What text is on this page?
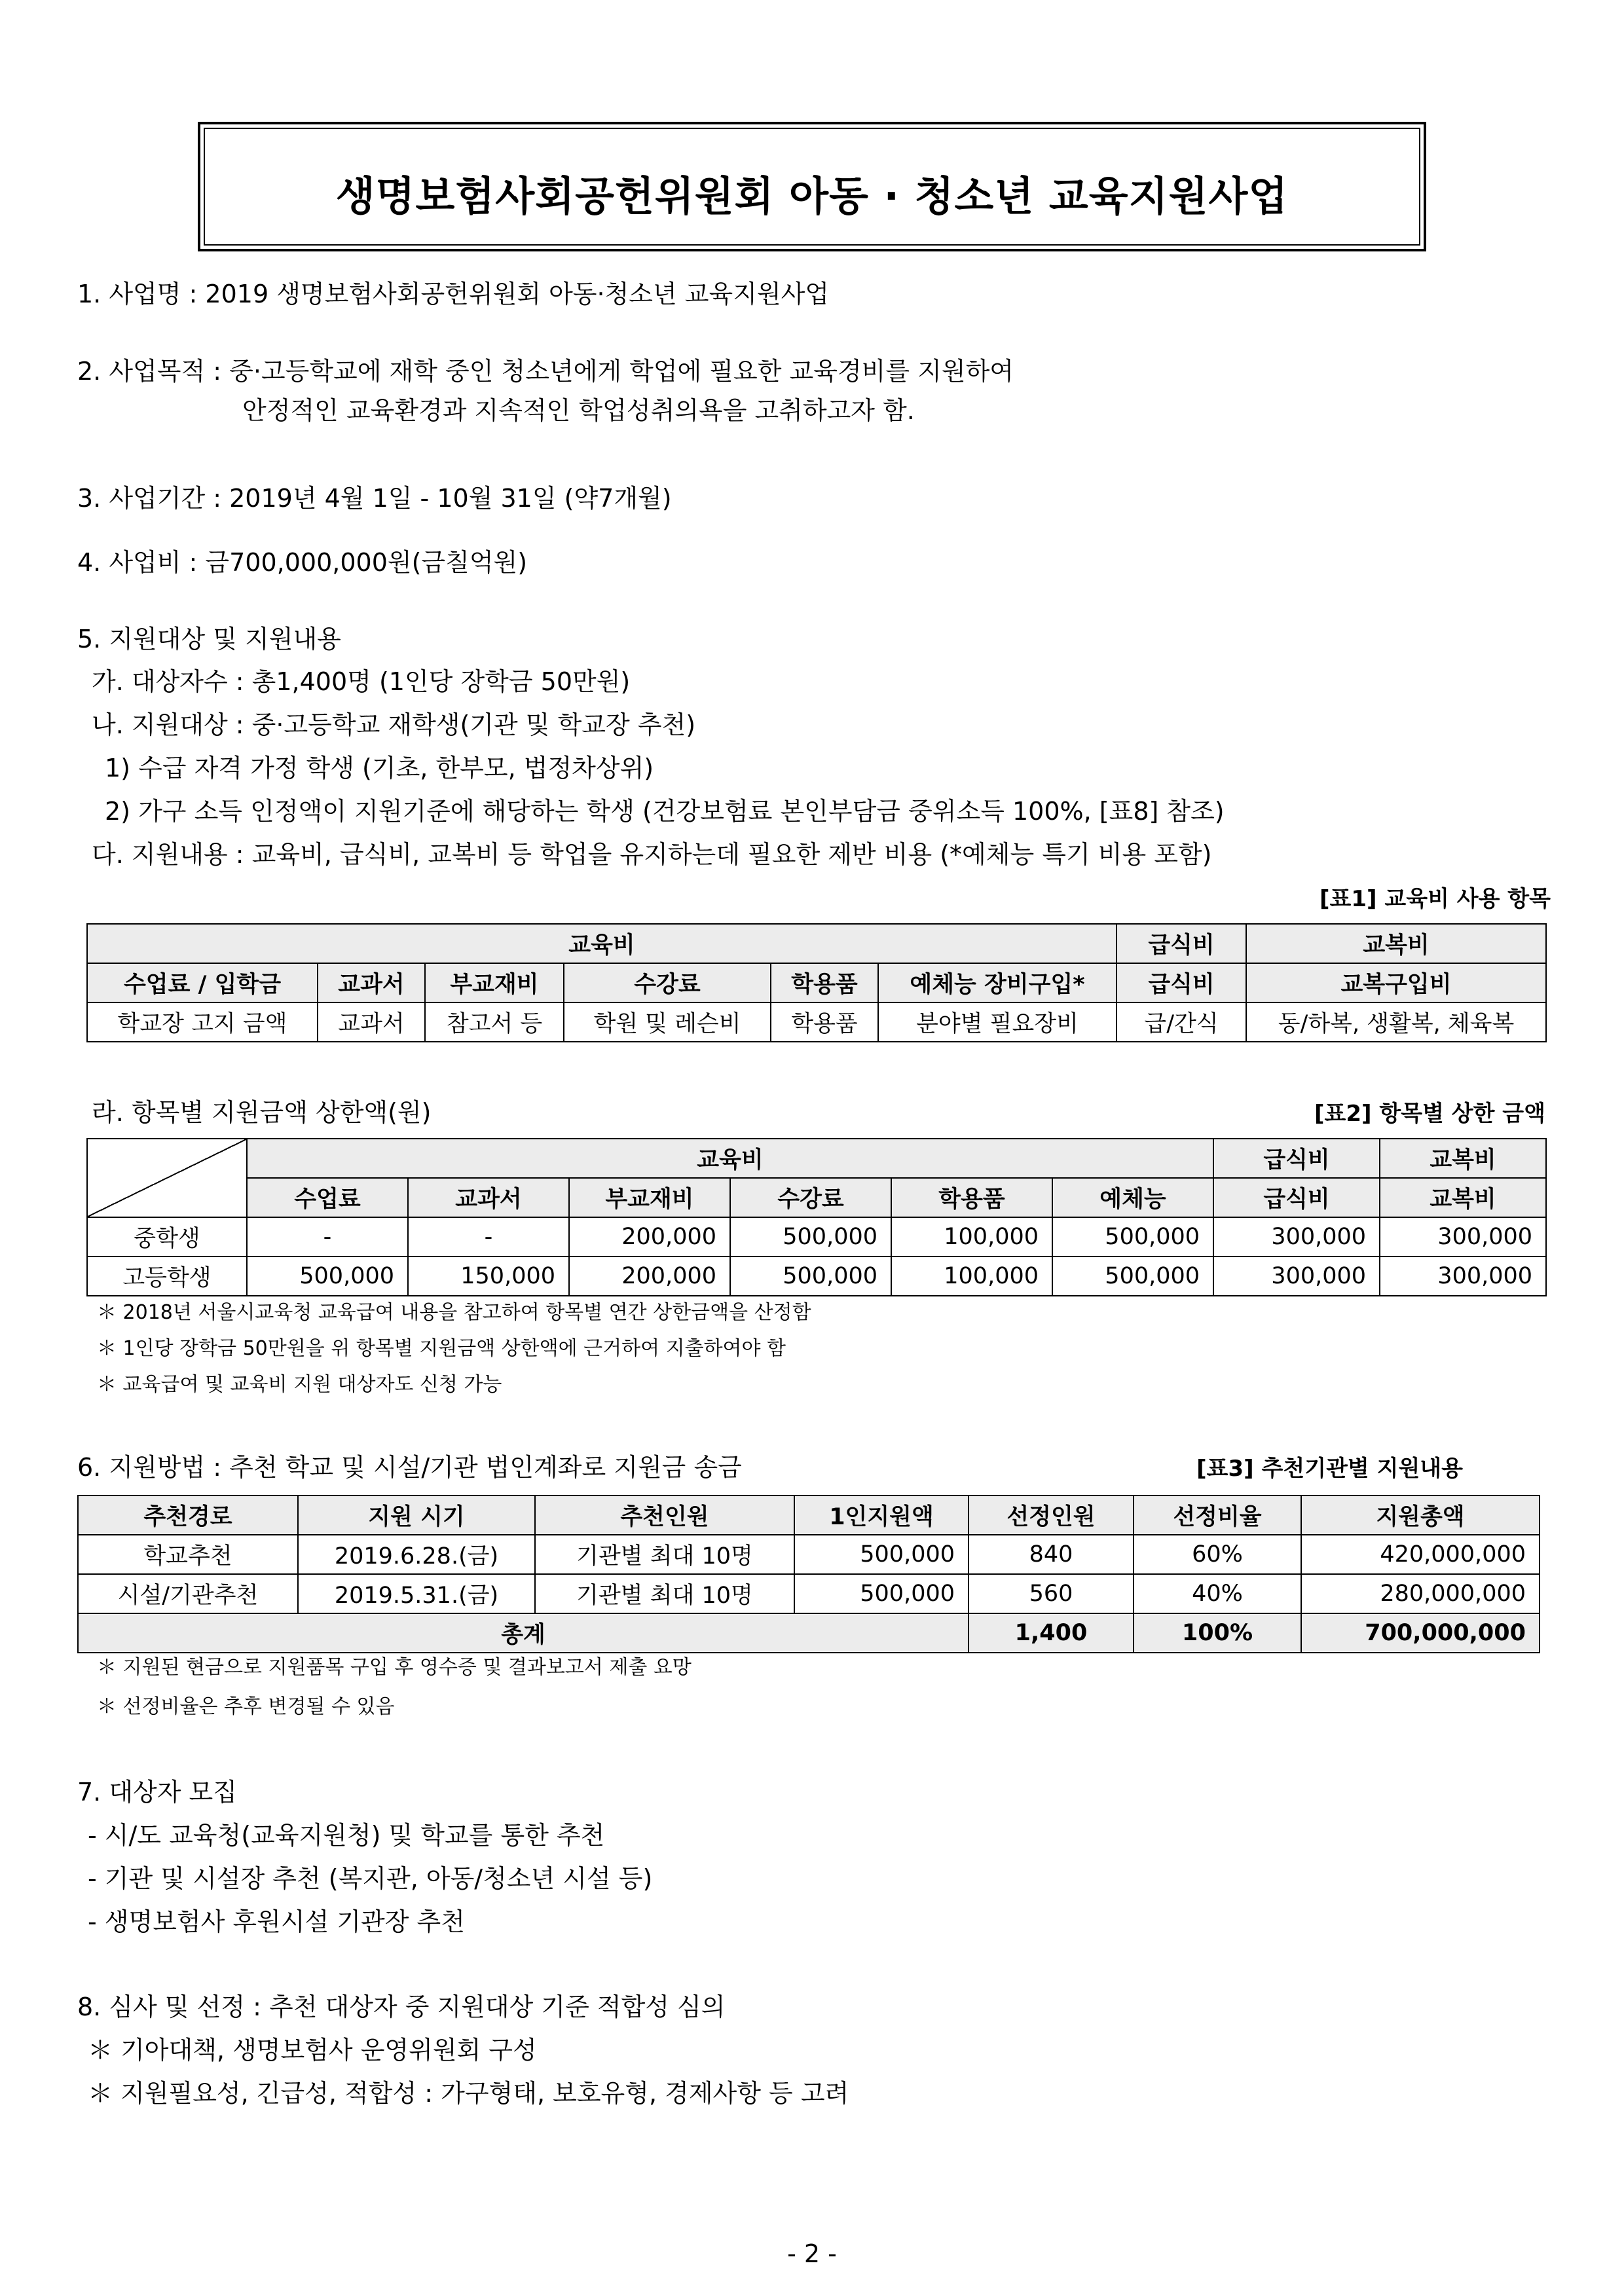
생명보험사회공헌위원회 아동 · 청소년 교육지원사업
1. 사업명 : 2019 생명보험사회공헌위원회 아동·청소년 교육지원사업
2. 사업목적 : 중·고등학교에 재학 중인 청소년에게 학업에 필요한 교육경비를 지원하여
안정적인 교육환경과 지속적인 학업성취의욕을 고취하고자 함.
3. 사업기간 : 2019년 4월 1일 - 10월 31일 (약7개월)
4. 사업비 : 금700,000,000원(금칠억원)
5. 지원대상 및 지원내용
가. 대상자수 : 총1,400명 (1인당 장학금 50만원)
나. 지원대상 : 중·고등학교 재학생(기관 및 학교장 추천)
1) 수급 자격 가정 학생 (기초, 한부모, 법정차상위)
2) 가구 소득 인정액이 지원기준에 해당하는 학생 (건강보험료 본인부담금 중위소득 100%, [표8] 참조)
다. 지원내용 : 교육비, 급식비, 교복비 등 학업을 유지하는데 필요한 제반 비용 (*예체능 특기 비용 포함)
[표1] 교육비 사용 항목
교육비						급식비	교복비
수업료 / 입학금	교과서	부교재비	수강료	학용품	예체능 장비구입*	급식비	교복구입비
학교장 고지 금액	교과서	참고서 등	학원 및 레슨비	학용품	분야별 필요장비	급/간식	동/하복, 생활복, 체육복
라. 항목별 지원금액 상한액(원)	[표2] 항목별 상한 금액
	교육비						급식비	교복비
	수업료	교과서	부교재비	수강료	학용품	예체능	급식비	교복비
중학생	-	-	200,000	500,000	100,000	500,000	300,000	300,000
고등학생	500,000	150,000	200,000	500,000	100,000	500,000	300,000	300,000
＊ 2018년 서울시교육청 교육급여 내용을 참고하여 항목별 연간 상한금액을 산정함
＊ 1인당 장학금 50만원을 위 항목별 지원금액 상한액에 근거하여 지출하여야 함
＊ 교육급여 및 교육비 지원 대상자도 신청 가능
6. 지원방법 : 추천 학교 및 시설/기관 법인계좌로 지원금 송금	[표3] 추천기관별 지원내용
추천경로	지원 시기	추천인원	1인지원액	선정인원	선정비율	지원총액
학교추천	2019.6.28.(금)	기관별 최대 10명	500,000	840	60%	420,000,000
시설/기관추천	2019.5.31.(금)	기관별 최대 10명	500,000	560	40%	280,000,000
총계				1,400	100%	700,000,000
＊ 지원된 현금으로 지원품목 구입 후 영수증 및 결과보고서 제출 요망
＊ 선정비율은 추후 변경될 수 있음
7. 대상자 모집
- 시/도 교육청(교육지원청) 및 학교를 통한 추천
- 기관 및 시설장 추천 (복지관, 아동/청소년 시설 등)
- 생명보험사 후원시설 기관장 추천
8. 심사 및 선정 : 추천 대상자 중 지원대상 기준 적합성 심의
＊ 기아대책, 생명보험사 운영위원회 구성
＊ 지원필요성, 긴급성, 적합성 : 가구형태, 보호유형, 경제사항 등 고려
- 2 -
